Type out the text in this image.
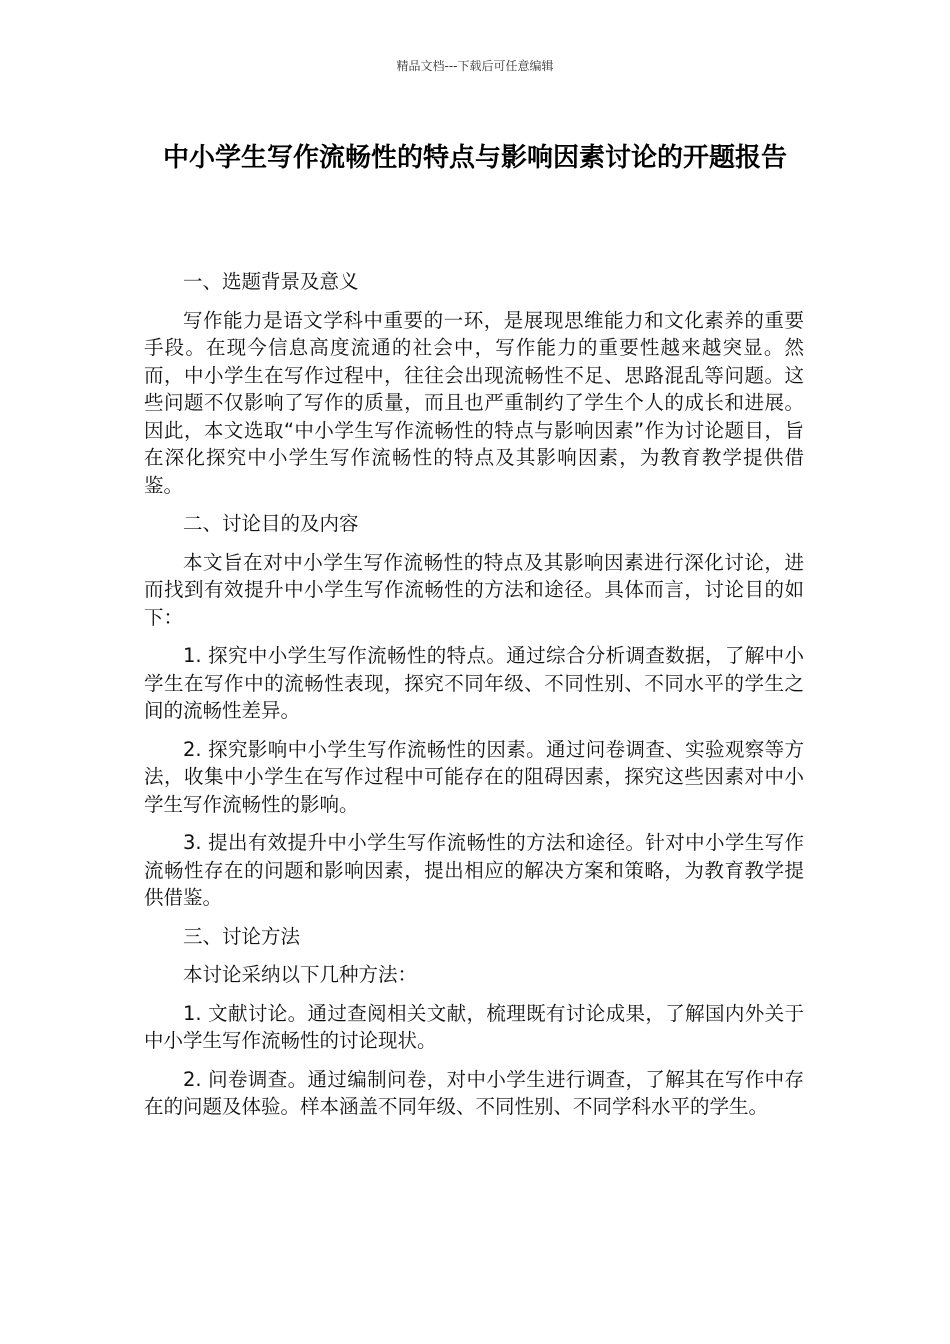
精品文档---下载后可任意编辑
中小学生写作流畅性的特点与影响因素讨论的开题报告

一、选题背景及意义

写作能力是语文学科中重要的一环，是展现思维能力和文化素养的重要手段。在现今信息高度流通的社会中，写作能力的重要性越来越突显。然而，中小学生在写作过程中，往往会出现流畅性不足、思路混乱等问题。这些问题不仅影响了写作的质量，而且也严重制约了学生个人的成长和进展。因此，本文选取“中小学生写作流畅性的特点与影响因素”作为讨论题目，旨在深化探究中小学生写作流畅性的特点及其影响因素，为教育教学提供借鉴。

二、讨论目的及内容

本文旨在对中小学生写作流畅性的特点及其影响因素进行深化讨论，进而找到有效提升中小学生写作流畅性的方法和途径。具体而言，讨论目的如下：

1. 探究中小学生写作流畅性的特点。通过综合分析调查数据，了解中小学生在写作中的流畅性表现，探究不同年级、不同性别、不同水平的学生之间的流畅性差异。

2. 探究影响中小学生写作流畅性的因素。通过问卷调查、实验观察等方法，收集中小学生在写作过程中可能存在的阻碍因素，探究这些因素对中小学生写作流畅性的影响。

3. 提出有效提升中小学生写作流畅性的方法和途径。针对中小学生写作流畅性存在的问题和影响因素，提出相应的解决方案和策略，为教育教学提供借鉴。

三、讨论方法

本讨论采纳以下几种方法：

1. 文献讨论。通过查阅相关文献，梳理既有讨论成果，了解国内外关于中小学生写作流畅性的讨论现状。

2. 问卷调查。通过编制问卷，对中小学生进行调查，了解其在写作中存在的问题及体验。样本涵盖不同年级、不同性别、不同学科水平的学生。
